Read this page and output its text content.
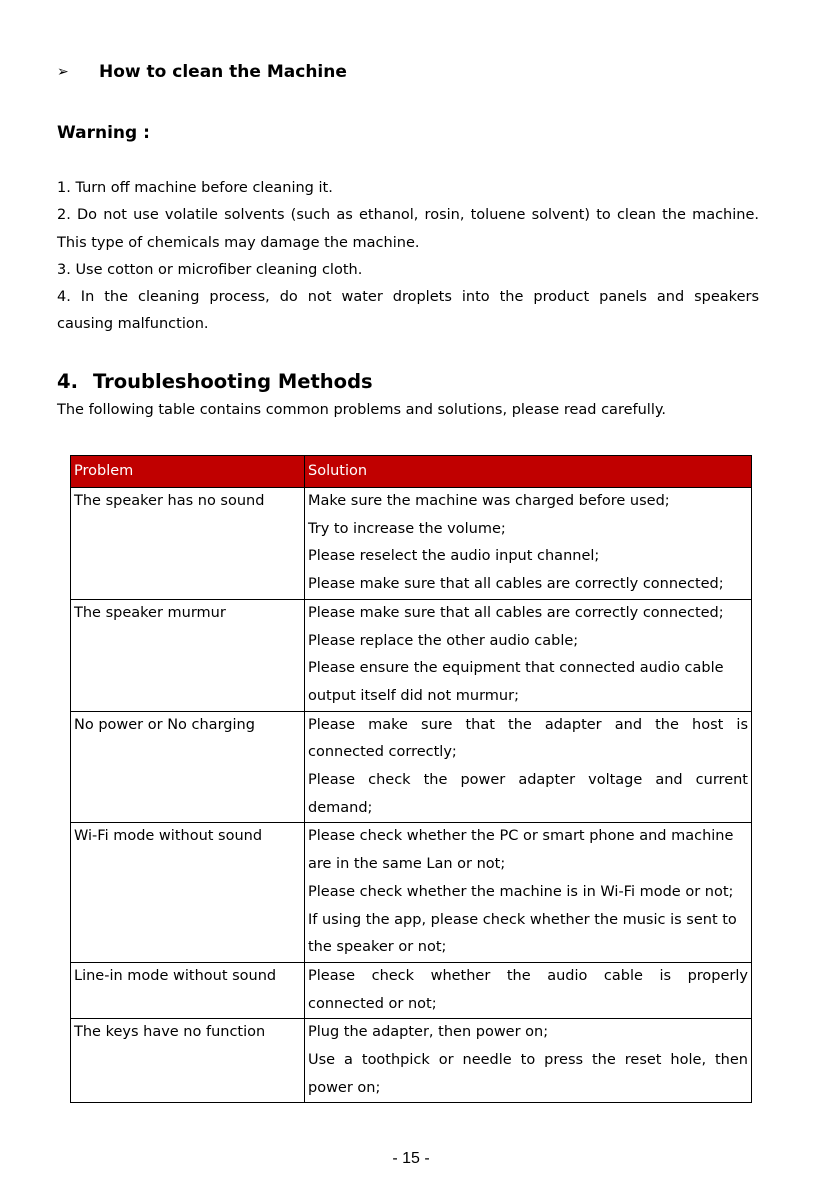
➢	How to clean the Machine
Warning :
1. Turn off machine before cleaning it.
2. Do not use volatile solvents (such as ethanol, rosin, toluene solvent) to clean the machine.
This type of chemicals may damage the machine.
3. Use cotton or microfiber cleaning cloth.
4. In the cleaning process, do not water droplets into the product panels and speakers
causing malfunction.
4. Troubleshooting Methods
The following table contains common problems and solutions, please read carefully.
Problem	Solution
The speaker has no sound	Make sure the machine was charged before used;
Try to increase the volume;
Please reselect the audio input channel;
Please make sure that all cables are correctly connected;

The speaker murmur	Please make sure that all cables are correctly connected;
Please replace the other audio cable;
Please ensure the equipment that connected audio cable
output itself did not murmur;

No power or No charging	Please make sure that the adapter and the host is
connected correctly;
Please check the power adapter voltage and current
demand;

Wi-Fi mode without sound	Please check whether the PC or smart phone and machine
are in the same Lan or not;
Please check whether the machine is in Wi-Fi mode or not;
If using the app, please check whether the music is sent to
the speaker or not;

Line-in mode without sound	Please check whether the audio cable is properly
connected or not;

The keys have no function	Plug the adapter, then power on;
Use a toothpick or needle to press the reset hole, then
power on;
- 15 -
